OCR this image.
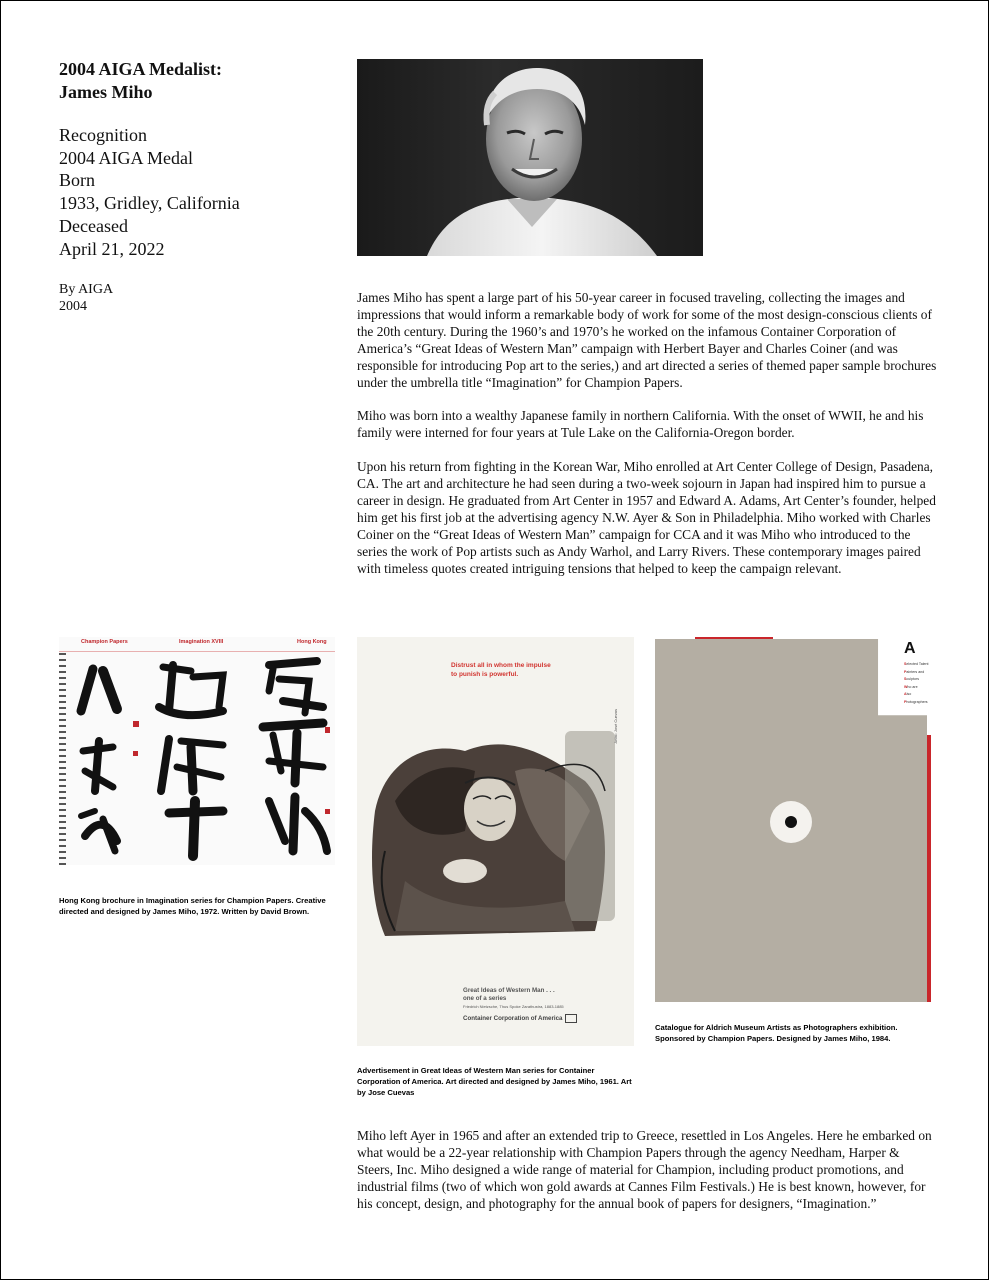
2004 AIGA Medalist:
James Miho
Recognition
2004 AIGA Medal
Born
1933, Gridley, California
Deceased
April 21, 2022
By AIGA
2004

James Miho has spent a large part of his 50-year career in focused traveling, collecting the images and impressions that would inform a remarkable body of work for some of the most design-conscious clients of the 20th century. During the 1960’s and 1970’s he worked on the infamous Container Corporation of America’s “Great Ideas of Western Man” campaign with Herbert Bayer and Charles Coiner (and was responsible for introducing Pop art to the series,) and art directed a series of themed paper sample brochures under the umbrella title “Imagination” for Champion Papers.

Miho was born into a wealthy Japanese family in northern California. With the onset of WWII, he and his family were interned for four years at Tule Lake on the California-Oregon border.

Upon his return from fighting in the Korean War, Miho enrolled at Art Center College of Design, Pasadena, CA. The art and architecture he had seen during a two-week sojourn in Japan had inspired him to pursue a career in design. He graduated from Art Center in 1957 and Edward A. Adams, Art Center’s founder, helped him get his first job at the advertising agency N.W. Ayer & Son in Philadelphia. Miho worked with Charles Coiner on the “Great Ideas of Western Man” campaign for CCA and it was Miho who introduced to the series the work of Pop artists such as Andy Warhol, and Larry Rivers. These contemporary images paired with timeless quotes created intriguing tensions that helped to keep the campaign relevant.

Champion Papers	Imagination XVIII	Hong Kong
Hong Kong brochure in Imagination series for Champion Papers. Creative directed and designed by James Miho, 1972. Written by David Brown.
Distrust all in whom the impulse
to punish is powerful.
Great Ideas of Western Man . . .
one of a series
Friedrich Nietzsche, Thus Spoke Zarathustra, 1883-1885
Container Corporation of America
Artist: José Cuevas
Advertisement in Great Ideas of Western Man series for Container Corporation of America. Art directed and designed by James Miho, 1961. Art by Jose Cuevas
A
Selected Talent
Painters and
Sculptors
Who are
Also
Photographers
Catalogue for Aldrich Museum Artists as Photographers exhibition. Sponsored by Champion Papers. Designed by James Miho, 1984.

Miho left Ayer in 1965 and after an extended trip to Greece, resettled in Los Angeles. Here he embarked on what would be a 22-year relationship with Champion Papers through the agency Needham, Harper & Steers, Inc. Miho designed a wide range of material for Champion, including product promotions, and industrial films (two of which won gold awards at Cannes Film Festivals.) He is best known, however, for his concept, design, and photography for the annual book of papers for designers, “Imagination.”
